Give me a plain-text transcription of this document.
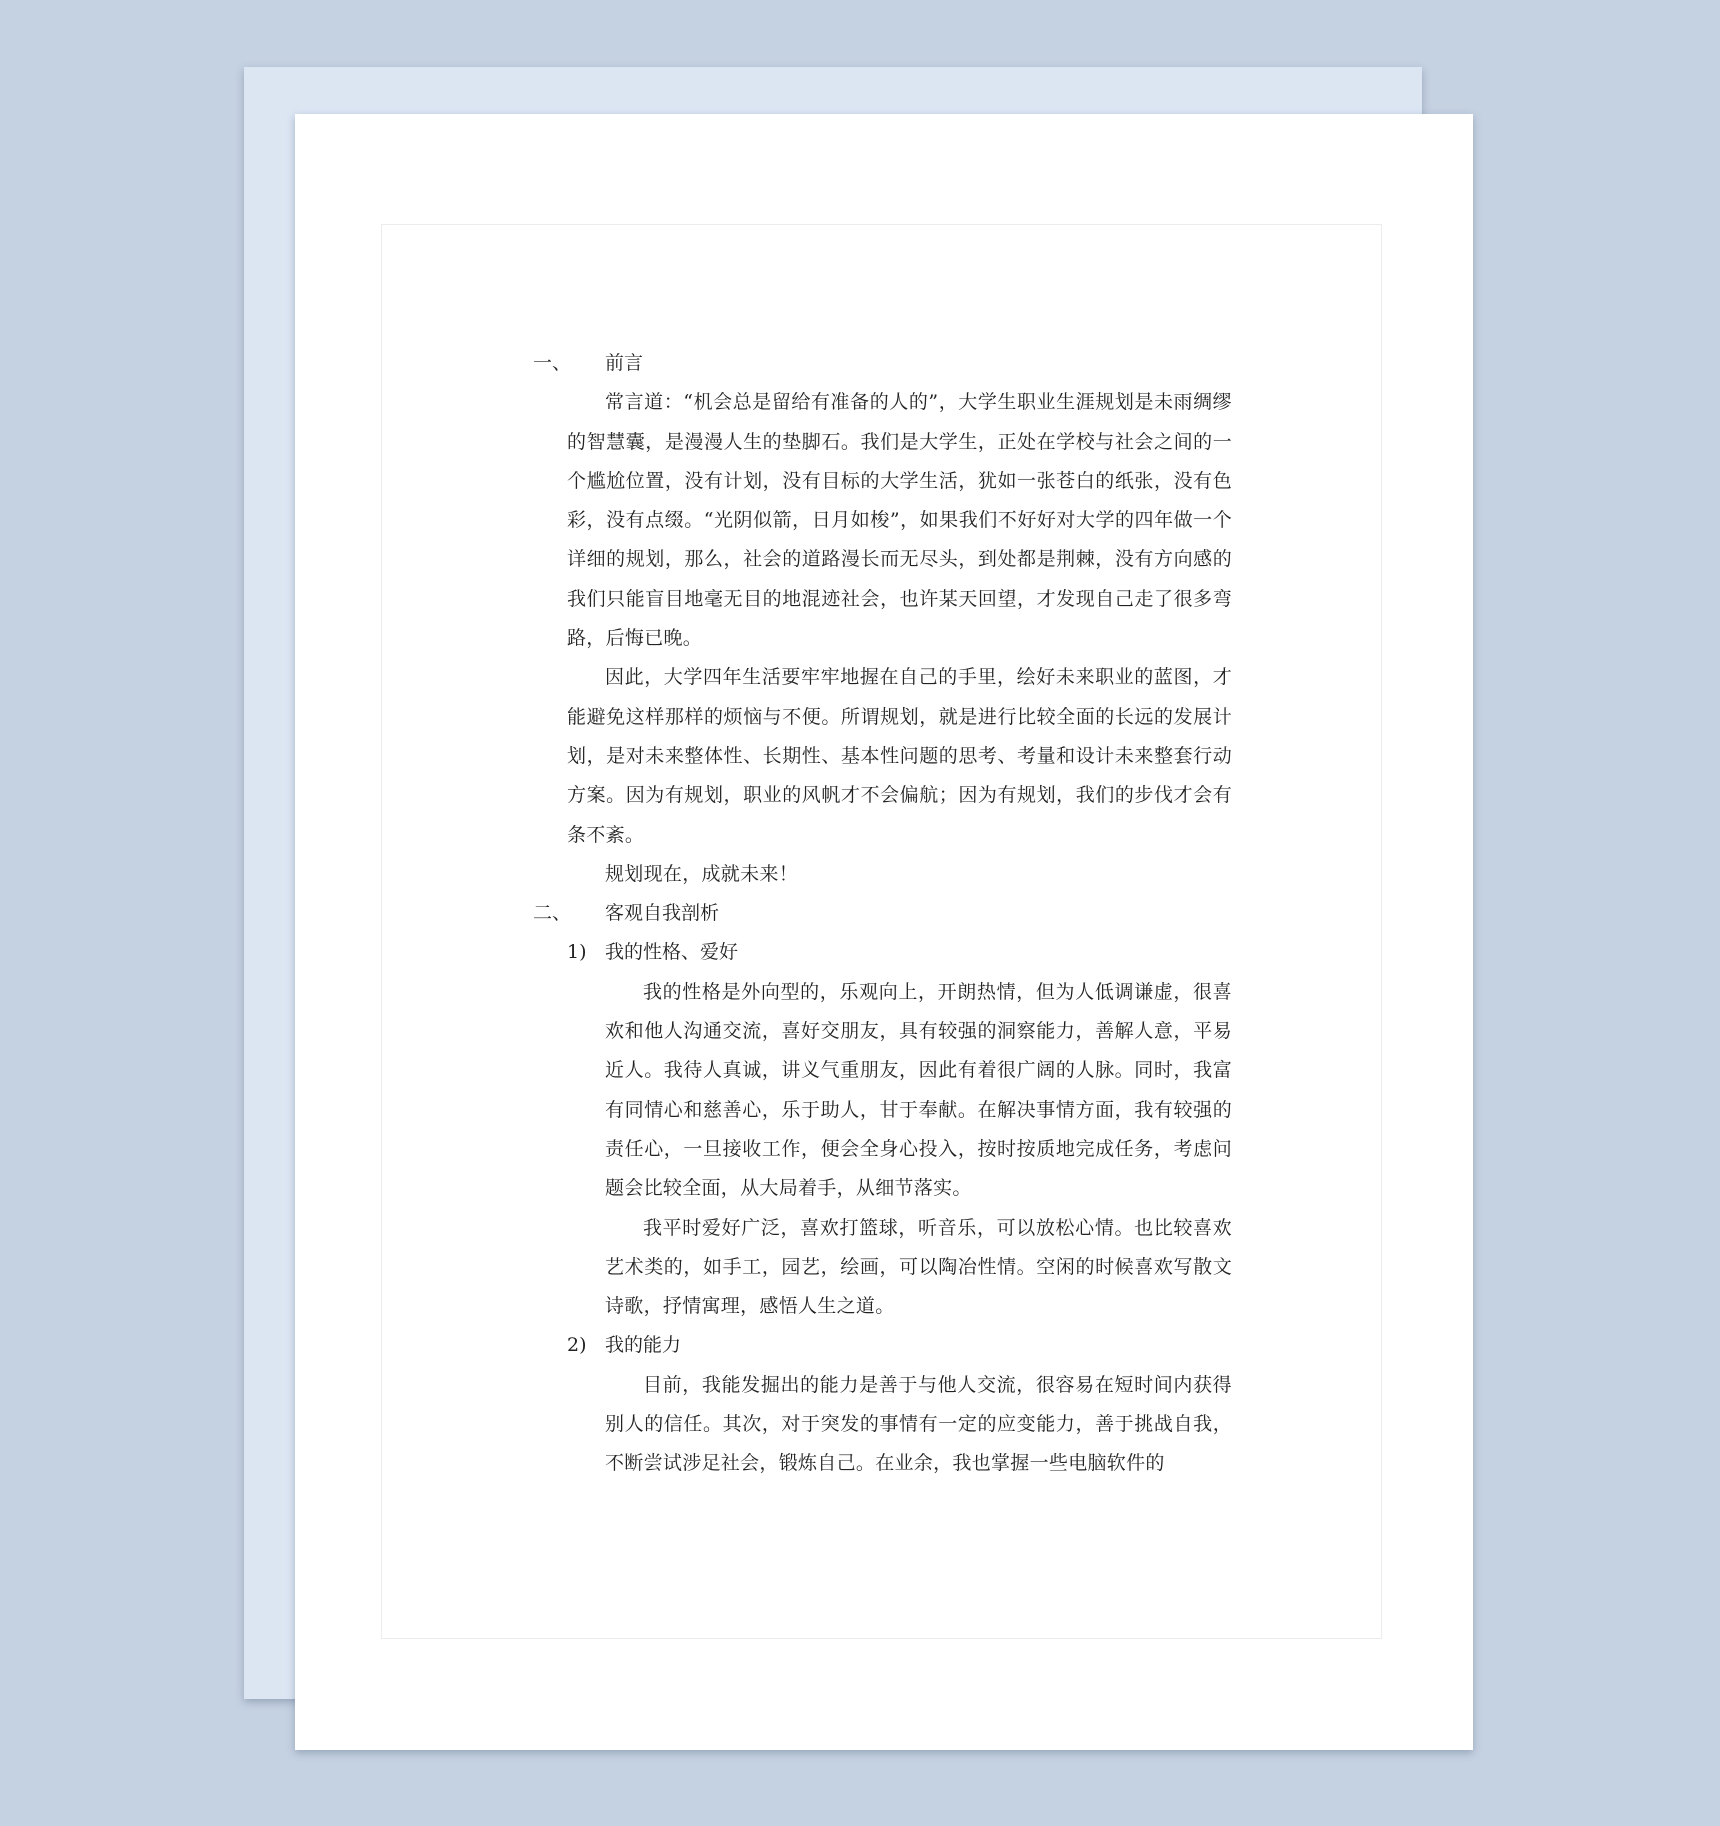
一、 前言

常言道：“机会总是留给有准备的人的”，大学生职业生涯规划是未雨绸缪的智慧囊，是漫漫人生的垫脚石。我们是大学生，正处在学校与社会之间的一个尴尬位置，没有计划，没有目标的大学生活，犹如一张苍白的纸张，没有色彩，没有点缀。“光阴似箭，日月如梭”，如果我们不好好对大学的四年做一个详细的规划，那么，社会的道路漫长而无尽头，到处都是荆棘，没有方向感的我们只能盲目地毫无目的地混迹社会，也许某天回望，才发现自己走了很多弯路，后悔已晚。

因此，大学四年生活要牢牢地握在自己的手里，绘好未来职业的蓝图，才能避免这样那样的烦恼与不便。所谓规划，就是进行比较全面的长远的发展计划，是对未来整体性、长期性、基本性问题的思考、考量和设计未来整套行动方案。因为有规划，职业的风帆才不会偏航；因为有规划，我们的步伐才会有条不紊。

规划现在，成就未来！

二、 客观自我剖析
1) 我的性格、爱好

我的性格是外向型的，乐观向上，开朗热情，但为人低调谦虚，很喜欢和他人沟通交流，喜好交朋友，具有较强的洞察能力，善解人意，平易近人。我待人真诚，讲义气重朋友，因此有着很广阔的人脉。同时，我富有同情心和慈善心，乐于助人，甘于奉献。在解决事情方面，我有较强的责任心，一旦接收工作，便会全身心投入，按时按质地完成任务，考虑问题会比较全面，从大局着手，从细节落实。

我平时爱好广泛，喜欢打篮球，听音乐，可以放松心情。也比较喜欢艺术类的，如手工，园艺，绘画，可以陶冶性情。空闲的时候喜欢写散文诗歌，抒情寓理，感悟人生之道。

2) 我的能力

目前，我能发掘出的能力是善于与他人交流，很容易在短时间内获得别人的信任。其次，对于突发的事情有一定的应变能力，善于挑战自我，不断尝试涉足社会，锻炼自己。在业余，我也掌握一些电脑软件的
